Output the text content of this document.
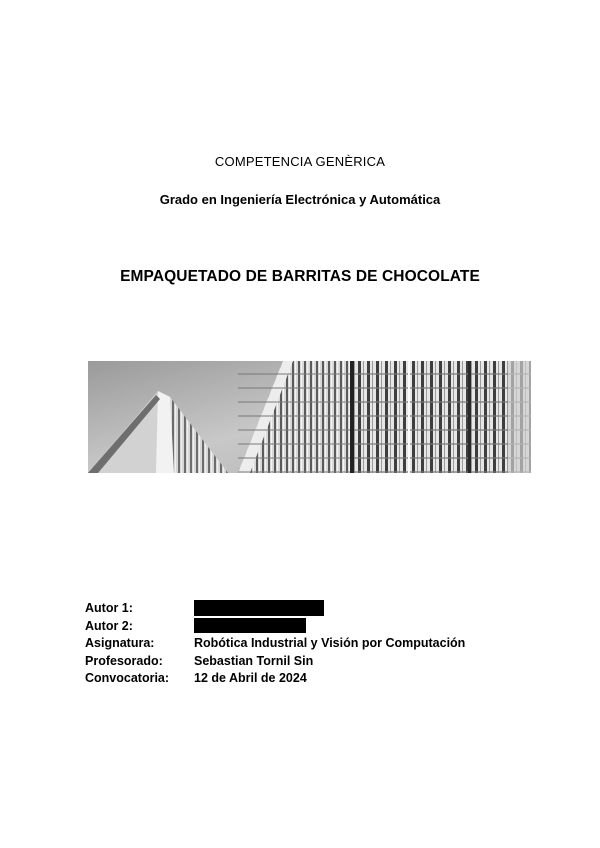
COMPETENCIA GENÈRICA
Grado en Ingeniería Electrónica y Automática
EMPAQUETADO DE BARRITAS DE CHOCOLATE
Autor 1:
Autor 2:
Asignatura:	Robótica Industrial y Visión por Computación
Profesorado: Sebastian Tornil Sin
Convocatoria: 12 de Abril de 2024
